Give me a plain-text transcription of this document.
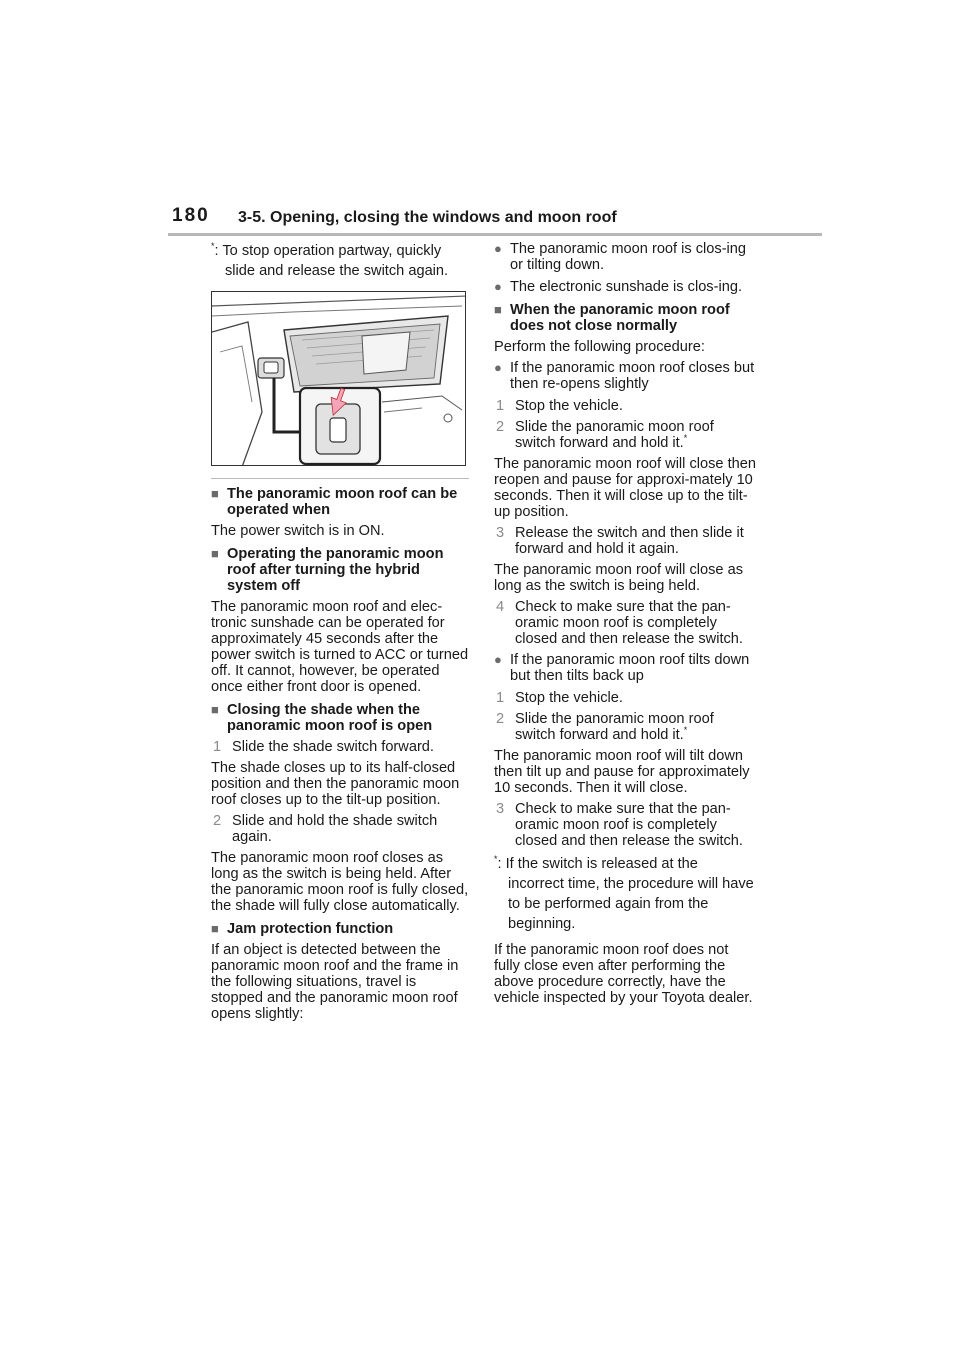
180 3-5. Opening, closing the windows and moon roof
*: To stop operation partway, quickly slide and release the switch again.
■ The panoramic moon roof can be operated when

The power switch is in ON.

■ Operating the panoramic moon roof after turning the hybrid system off

The panoramic moon roof and elec-tronic sunshade can be operated for approximately 45 seconds after the power switch is turned to ACC or turned off. It cannot, however, be operated once either front door is opened.

■ Closing the shade when the panoramic moon roof is open
1 Slide the shade switch forward.

The shade closes up to its half-closed position and then the panoramic moon roof closes up to the tilt-up position.

2 Slide and hold the shade switch again.

The panoramic moon roof closes as long as the switch is being held. After the panoramic moon roof is fully closed, the shade will fully close automatically.

■ Jam protection function

If an object is detected between the panoramic moon roof and the frame in the following situations, travel is stopped and the panoramic moon roof opens slightly:

● The panoramic moon roof is clos-ing or tilting down.
● The electronic sunshade is clos-ing.
■ When the panoramic moon roof does not close normally

Perform the following procedure:

● If the panoramic moon roof closes but then re-opens slightly
1 Stop the vehicle.
2 Slide the panoramic moon roof switch forward and hold it.*

The panoramic moon roof will close then reopen and pause for approxi-mately 10 seconds. Then it will close up to the tilt-up position.

3 Release the switch and then slide it forward and hold it again.

The panoramic moon roof will close as long as the switch is being held.

4 Check to make sure that the pan-oramic moon roof is completely closed and then release the switch.
● If the panoramic moon roof tilts down but then tilts back up
1 Stop the vehicle.
2 Slide the panoramic moon roof switch forward and hold it.*

The panoramic moon roof will tilt down then tilt up and pause for approximately 10 seconds. Then it will close.

3 Check to make sure that the pan-oramic moon roof is completely closed and then release the switch.
*: If the switch is released at the incorrect time, the procedure will have to be performed again from the beginning.

If the panoramic moon roof does not fully close even after performing the above procedure correctly, have the vehicle inspected by your Toyota dealer.
